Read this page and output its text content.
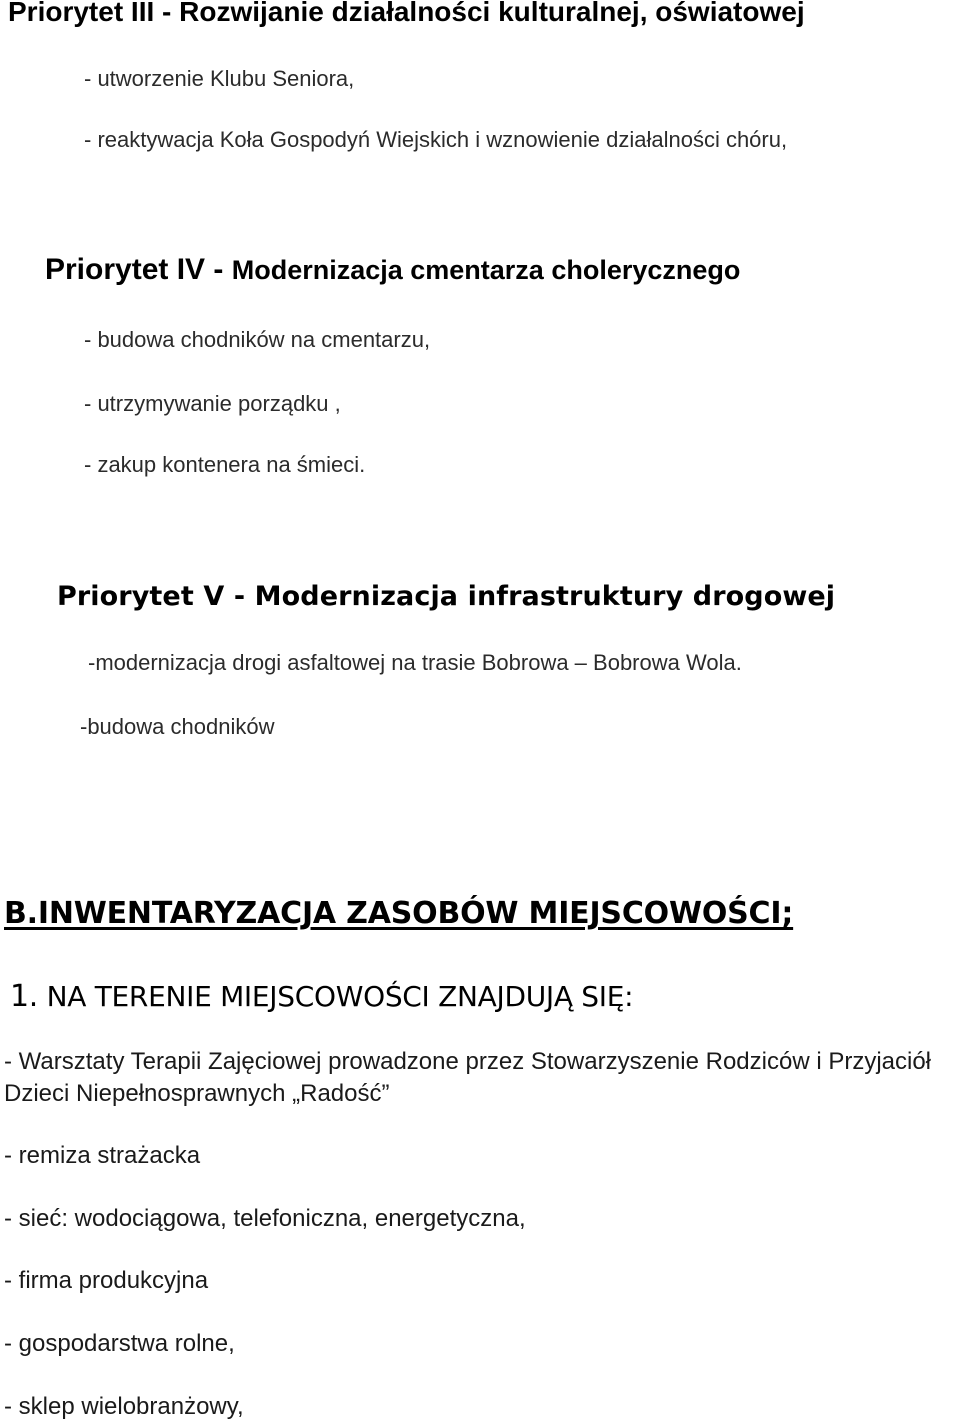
Priorytet III - Rozwijanie działalności kulturalnej, oświatowej
- utworzenie Klubu Seniora,
- reaktywacja Koła Gospodyń Wiejskich i wznowienie działalności chóru,
Priorytet IV - Modernizacja cmentarza cholerycznego
- budowa chodników na cmentarzu,
- utrzymywanie porządku ,
- zakup kontenera na śmieci.
Priorytet V - Modernizacja infrastruktury drogowej
-modernizacja drogi asfaltowej na trasie Bobrowa – Bobrowa Wola.
-budowa chodników
B.INWENTARYZACJA ZASOBÓW MIEJSCOWOŚCI;
1. NA TERENIE MIEJSCOWOŚCI ZNAJDUJĄ SIĘ:
- Warsztaty Terapii Zajęciowej prowadzone przez Stowarzyszenie Rodziców i Przyjaciół Dzieci Niepełnosprawnych „Radość”
- remiza strażacka
- sieć: wodociągowa, telefoniczna, energetyczna,
- firma produkcyjna
- gospodarstwa rolne,
- sklep wielobranżowy,
